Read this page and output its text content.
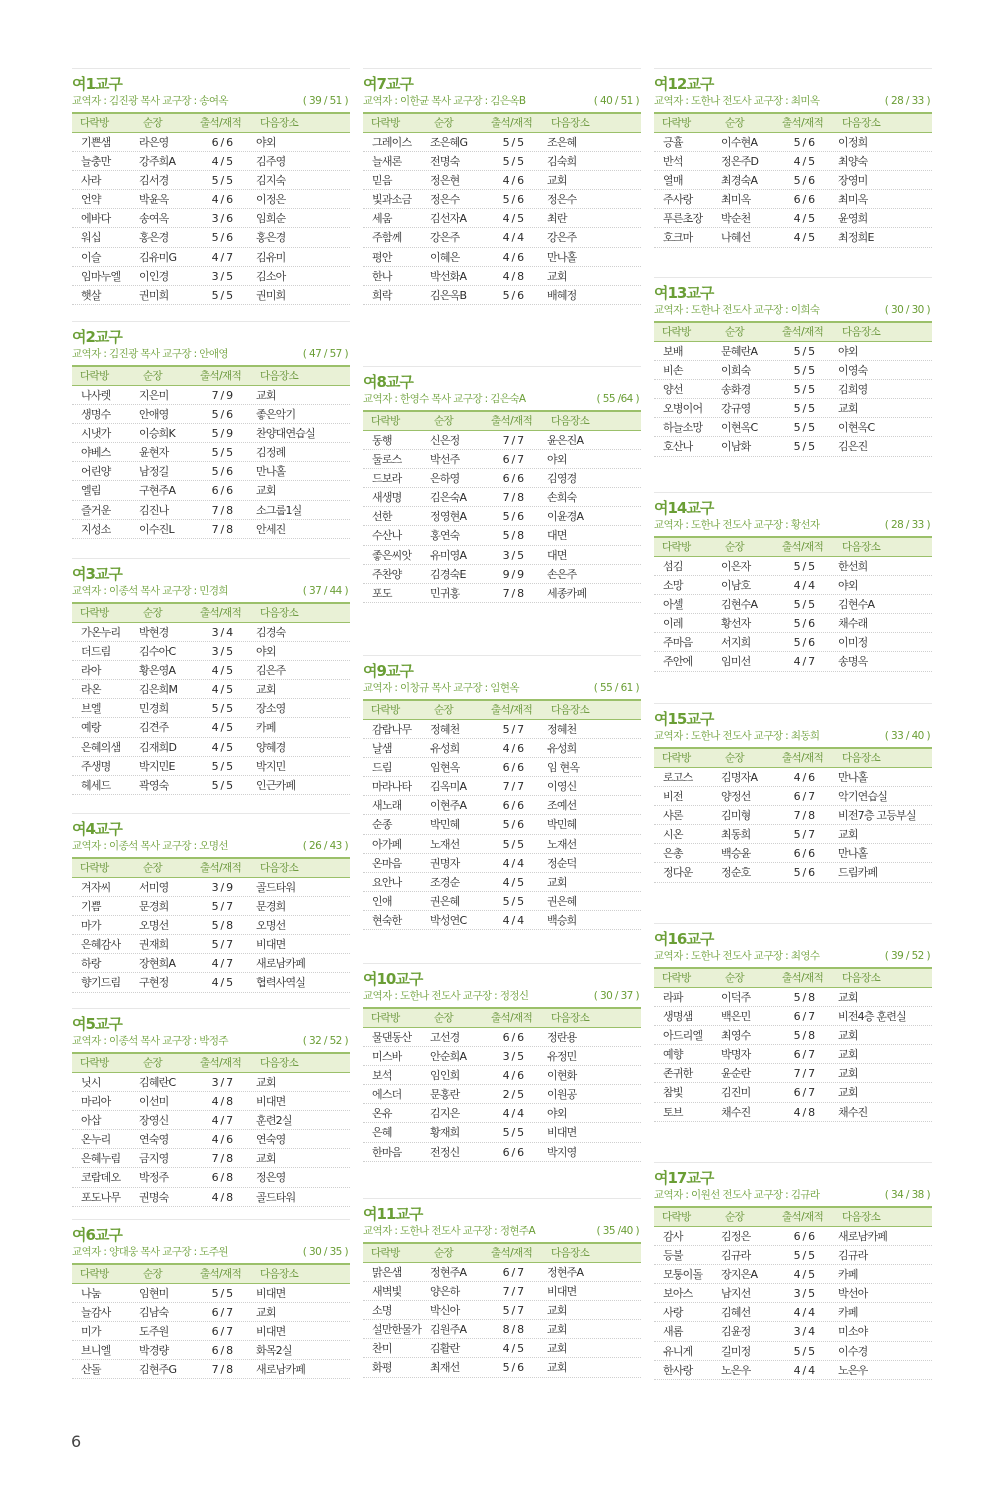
여1교구
교역자 : 김진광 목사 교구장 : 송여옥	( 39 / 51 )
다락방	순장	출석/재적	다음장소
기쁜샘	라은영	6 / 6	야외
늘충만	강주희A	4 / 5	김주영
사라	김서경	5 / 5	김지숙
언약	박윤옥	4 / 6	이정은
에바다	송여옥	3 / 6	임희순
워십	홍은경	5 / 6	홍은경
이슬	김유미G	4 / 7	김유미
임마누엘	이인경	3 / 5	김소아
햇살	권미희	5 / 5	권미희
여2교구
교역자 : 김진광 목사 교구장 : 안애영	( 47 / 57 )
다락방	순장	출석/재적	다음장소
나사렛	지은미	7 / 9	교회
생명수	안애영	5 / 6	좋은악기
시냇가	이승희K	5 / 9	찬양대연습실
야베스	윤현자	5 / 5	김정례
어린양	남정길	5 / 6	만나홀
엘림	구현주A	6 / 6	교회
즐거운	김진나	7 / 8	소그룹1실
지성소	이수진L	7 / 8	안세진
여3교구
교역자 : 이종석 목사 교구장 : 민경희	( 37 / 44 )
다락방	순장	출석/재적	다음장소
가온누리	박현경	3 / 4	김경숙
더드림	김수아C	3 / 5	야외
라아	황은영A	4 / 5	김은주
라온	김은희M	4 / 5	교회
브엘	민경희	5 / 5	장소영
예랑	김견주	4 / 5	카페
은혜의샘	김재희D	4 / 5	양혜경
주생명	박지민E	5 / 5	박지민
헤세드	곽영숙	5 / 5	인근카페
여4교구
교역자 : 이종석 목사 교구장 : 오명선	( 26 / 43 )
다락방	순장	출석/재적	다음장소
겨자씨	서미영	3 / 9	골드타워
기쁨	문경희	5 / 7	문경희
마가	오명선	5 / 8	오명선
은혜감사	권재희	5 / 7	비대면
하랑	장현희A	4 / 7	새로남카페
향기드림	구현정	4 / 5	협력사역실
여5교구
교역자 : 이종석 목사 교구장 : 박정주	( 32 / 52 )
다락방	순장	출석/재적	다음장소
닛시	김혜란C	3 / 7	교회
마리아	이선미	4 / 8	비대면
아삽	장영신	4 / 7	훈련2실
온누리	연숙영	4 / 6	연숙영
은혜누림	금지영	7 / 8	교회
코람데오	박정주	6 / 8	정은영
포도나무	권명숙	4 / 8	골드타워
여6교구
교역자 : 양대웅 목사 교구장 : 도주원	( 30 / 35 )
다락방	순장	출석/재적	다음장소
나눔	임현미	5 / 5	비대면
늘감사	김남숙	6 / 7	교회
미가	도주원	6 / 7	비대면
브니엘	박경량	6 / 8	화목2실
산돌	김현주G	7 / 8	새로남카페
여7교구
교역자 : 이한균 목사 교구장 : 김은옥B	( 40 / 51 )
다락방	순장	출석/재적	다음장소
그레이스	조은혜G	5 / 5	조은혜
늘새론	전명숙	5 / 5	김숙희
믿음	정은현	4 / 6	교회
빛과소금	정은수	5 / 6	정은수
세움	김선자A	4 / 5	최란
주함께	강은주	4 / 4	강은주
평안	이혜은	4 / 6	만나홀
한나	박선화A	4 / 8	교회
희락	김은옥B	5 / 6	배혜정
여8교구
교역자 : 한영수 목사 교구장 : 김은숙A	( 55 /64 )
다락방	순장	출석/재적	다음장소
동행	신은정	7 / 7	윤은진A
둘로스	박선주	6 / 7	야외
드보라	은하영	6 / 6	김영경
새생명	김은숙A	7 / 8	손희숙
선한	정영현A	5 / 6	이윤경A
수산나	홍연숙	5 / 8	대면
좋은씨앗	유미영A	3 / 5	대면
주찬양	김경숙E	9 / 9	손은주
포도	민귀홍	7 / 8	세종카페
여9교구
교역자 : 이창규 목사 교구장 : 임현옥	( 55 / 61 )
다락방	순장	출석/재적	다음장소
감람나무	정혜천	5 / 7	정혜천
날샘	유성희	4 / 6	유성희
드림	임현옥	6 / 6	임 현옥
마라나타	김옥미A	7 / 7	이영신
새노래	이현주A	6 / 6	조예선
순종	박민혜	5 / 6	박민혜
아가페	노재선	5 / 5	노재선
온마음	권명자	4 / 4	정순덕
요안나	조경순	4 / 5	교회
인애	권은혜	5 / 5	권은혜
현숙한	박성연C	4 / 4	백승희
여10교구
교역자 : 도한나 전도사 교구장 : 정정신	( 30 / 37 )
다락방	순장	출석/재적	다음장소
물댄동산	고선경	6 / 6	정란용
미스바	안순희A	3 / 5	유정민
보석	임인희	4 / 6	이현화
에스더	문홍란	2 / 5	이원공
온유	김지은	4 / 4	야외
은혜	황재희	5 / 5	비대면
한마음	전정신	6 / 6	박지영
여11교구
교역자 : 도한나 전도사 교구장 : 정현주A	( 35 /40 )
다락방	순장	출석/재적	다음장소
맑은샘	정현주A	6 / 7	정현주A
새벽빛	양은하	7 / 7	비대면
소명	박신아	5 / 7	교회
설만한물가 김원주A	8 / 8	교회
찬미	김활란	4 / 5	교회
화평	최재선	5 / 6	교회
여12교구
교역자 : 도한나 전도사 교구장 : 최미옥	( 28 / 33 )
다락방	순장	출석/재적	다음장소
긍휼	이수현A	5 / 6	이정희
반석	정은주D	4 / 5	최양숙
열매	최경숙A	5 / 6	장영미
주사랑	최미옥	6 / 6	최미옥
푸른초장	박순천	4 / 5	윤영희
호크마	나혜선	4 / 5	최정희E
여13교구
교역자 : 도한나 전도사 교구장 : 이희숙	( 30 / 30 )
다락방	순장	출석/재적	다음장소
보배	문혜란A	5 / 5	야외
비손	이희숙	5 / 5	이영숙
양선	송화경	5 / 5	김희영
오병이어	강규영	5 / 5	교회
하늘소망	이현옥C	5 / 5	이현옥C
호산나	이남화	5 / 5	김은진
여14교구
교역자 : 도한나 전도사 교구장 : 황선자	( 28 / 33 )
다락방	순장	출석/재적	다음장소
섬김	이은자	5 / 5	한선희
소망	이남호	4 / 4	야외
아셀	김현수A	5 / 5	김현수A
이레	황선자	5 / 6	채수래
주마음	서지희	5 / 6	이미정
주안에	임미선	4 / 7	송명옥
여15교구
교역자 : 도한나 전도사 교구장 : 최동희	( 33 / 40 )
다락방	순장	출석/재적	다음장소
로고스	김명자A	4 / 6	만나홀
비전	양정선	6 / 7	악기연습실
샤론	김미형	7 / 8	비전7층 고등부실
시온	최동희	5 / 7	교회
은총	백승윤	6 / 6	만나홀
정다운	정순호	5 / 6	드림카페
여16교구
교역자 : 도한나 전도사 교구장 : 최영수	( 39 / 52 )
다락방	순장	출석/재적	다음장소
라파	이덕주	5 / 8	교회
생명샘	백은민	6 / 7	비전4층 훈련실
아드리엘	최영수	5 / 8	교회
예향	박명자	6 / 7	교회
존귀한	윤순란	7 / 7	교회
참빛	김진미	6 / 7	교회
토브	채수진	4 / 8	채수진
여17교구
교역자 : 이원선 전도사 교구장 : 김규라	( 34 / 38 )
다락방	순장	출석/재적	다음장소
감사	김정은	6 / 6	새로남카페
등불	김규라	5 / 5	김규라
모퉁이돌	장지은A	4 / 5	카페
보아스	남지선	3 / 5	박선아
사랑	김혜선	4 / 4	카페
새롬	김윤정	3 / 4	미소야
유니게	길미정	5 / 5	이수경
한사랑	노은우	4 / 4	노은우
6
